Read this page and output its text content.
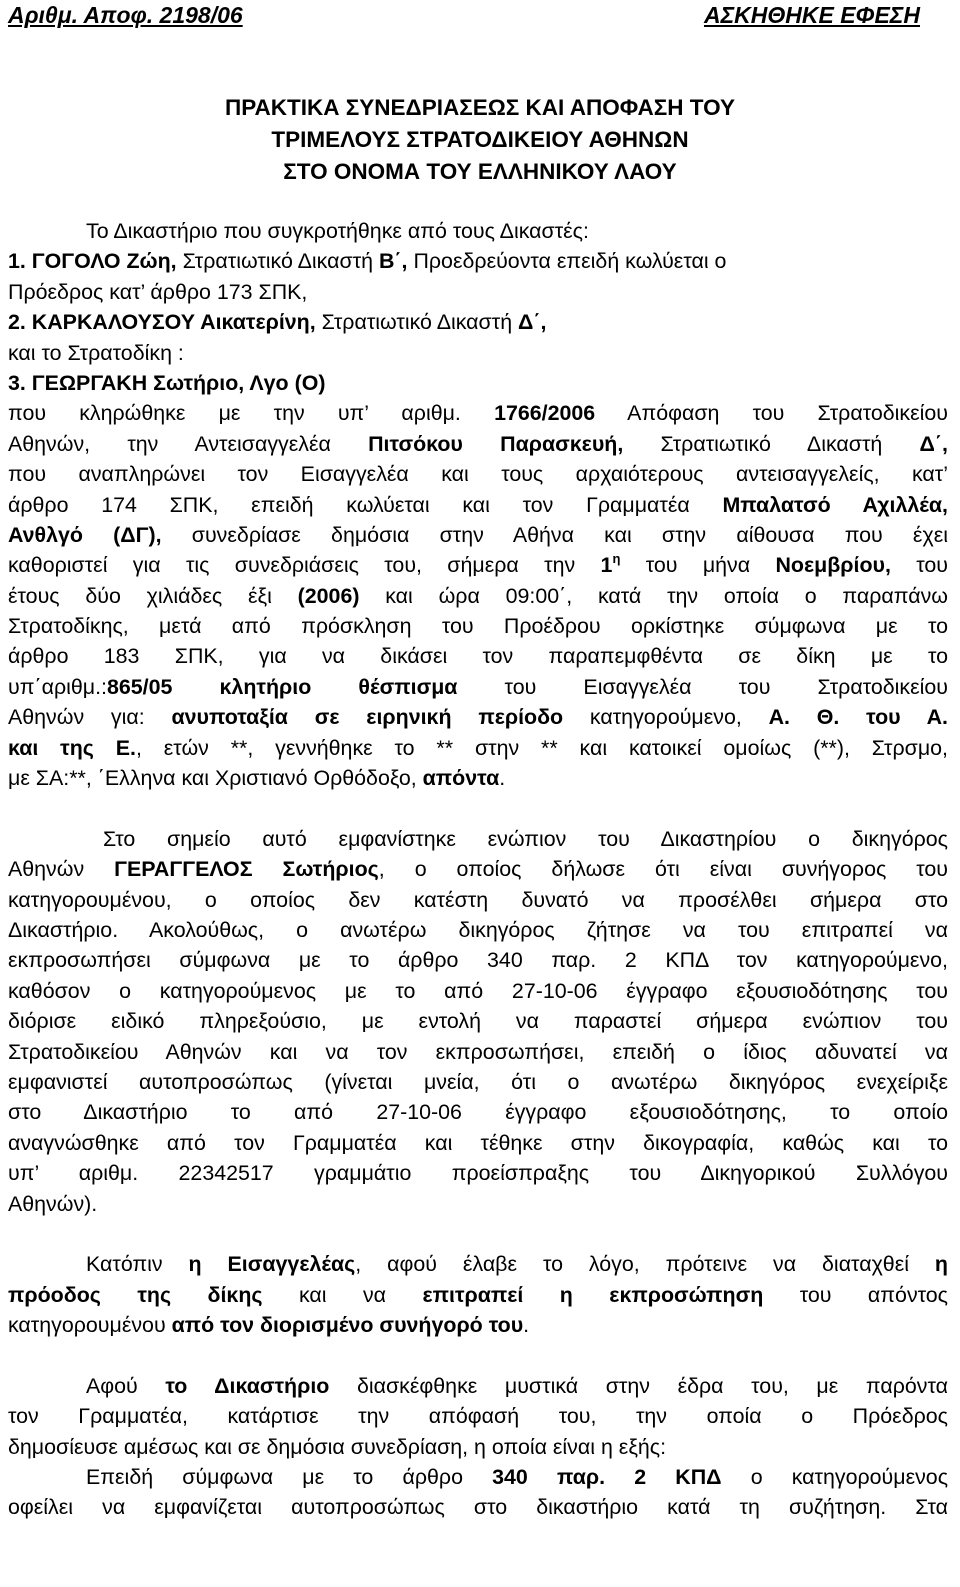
Αριθμ. Αποφ. 2198/06	ΑΣΚΗΘΗΚΕ ΕΦΕΣΗ
ΠΡΑΚΤΙΚΑ ΣΥΝΕΔΡΙΑΣΕΩΣ ΚΑΙ ΑΠΟΦΑΣΗ ΤΟΥ
ΤΡΙΜΕΛΟΥΣ ΣΤΡΑΤΟΔΙΚΕΙΟΥ ΑΘΗΝΩΝ
ΣΤΟ ΟΝΟΜΑ ΤΟΥ ΕΛΛΗΝΙΚΟΥ ΛΑΟΥ
Το Δικαστήριο που συγκροτήθηκε από τους Δικαστές:
1. ΓΟΓΟΛΟ Ζώη, Στρατιωτικό Δικαστή Β΄, Προεδρεύοντα επειδή κωλύεται ο
Πρόεδρος κατ’ άρθρο 173 ΣΠΚ,
2. ΚΑΡΚΑΛΟΥΣΟΥ Αικατερίνη, Στρατιωτικό Δικαστή Δ΄,
και το Στρατοδίκη :
3. ΓΕΩΡΓΑΚΗ Σωτήριο, Λγο (Ο)
που κληρώθηκε με την υπ’ αριθμ. 1766/2006 Απόφαση του Στρατοδικείου
Αθηνών, την Αντεισαγγελέα Πιτσόκου Παρασκευή, Στρατιωτικό Δικαστή Δ΄,
που αναπληρώνει τον Εισαγγελέα και τους αρχαιότερους αντεισαγγελείς, κατ’
άρθρο 174 ΣΠΚ, επειδή κωλύεται και τον Γραμματέα Μπαλατσό Αχιλλέα,
Ανθλγό (ΔΓ), συνεδρίασε δημόσια στην Αθήνα και στην αίθουσα που έχει
καθοριστεί για τις συνεδριάσεις του, σήμερα την $1^\eta$ του μήνα Νοεμβρίου, του
έτους δύο χιλιάδες έξι (2006) και ώρα 09:00΄, κατά την οποία ο παραπάνω
Στρατοδίκης, μετά από πρόσκληση του Προέδρου ορκίστηκε σύμφωνα με το
άρθρο 183 ΣΠΚ, για να δικάσει τον παραπεμφθέντα σε δίκη με το
υπ΄αριθμ.:865/05 κλητήριο θέσπισμα του Εισαγγελέα του Στρατοδικείου
Αθηνών για: ανυποταξία σε ειρηνική περίοδο κατηγορούμενο, Α. Θ. του Α.
και της Ε., ετών **, γεννήθηκε το ** στην ** και κατοικεί ομοίως (**), Στρσμο,
με ΣΑ:**, ΄Ελληνα και Χριστιανό Ορθόδοξο, απόντα.
Στο σημείο αυτό εμφανίστηκε ενώπιον του Δικαστηρίου ο δικηγόρος
Αθηνών ΓΕΡΑΓΓΕΛΟΣ Σωτήριος, ο οποίος δήλωσε ότι είναι συνήγορος του
κατηγορουμένου, ο οποίος δεν κατέστη δυνατό να προσέλθει σήμερα στο
Δικαστήριο. Ακολούθως, ο ανωτέρω δικηγόρος ζήτησε να του επιτραπεί να
εκπροσωπήσει σύμφωνα με το άρθρο 340 παρ. 2 ΚΠΔ τον κατηγορούμενο,
καθόσον ο κατηγορούμενος με το από 27-10-06 έγγραφο εξουσιοδότησης του
διόρισε ειδικό πληρεξούσιο, με εντολή να παραστεί σήμερα ενώπιον του
Στρατοδικείου Αθηνών και να τον εκπροσωπήσει, επειδή ο ίδιος αδυνατεί να
εμφανιστεί αυτοπροσώπως (γίνεται μνεία, ότι ο ανωτέρω δικηγόρος ενεχείριξε
στο Δικαστήριο το από 27-10-06 έγγραφο εξουσιοδότησης, το οποίο
αναγνώσθηκε από τον Γραμματέα και τέθηκε στην δικογραφία, καθώς και το
υπ’ αριθμ. 22342517 γραμμάτιο προείσπραξης του Δικηγορικού Συλλόγου
Αθηνών).
Κατόπιν η Εισαγγελέας, αφού έλαβε το λόγο, πρότεινε να διαταχθεί η
πρόοδος της δίκης και να επιτραπεί η εκπροσώπηση του απόντος
κατηγορουμένου από τον διορισμένο συνήγορό του.
Αφού το Δικαστήριο διασκέφθηκε μυστικά στην έδρα του, με παρόντα
τον Γραμματέα, κατάρτισε την απόφασή του, την οποία ο Πρόεδρος
δημοσίευσε αμέσως και σε δημόσια συνεδρίαση, η οποία είναι η εξής:
Επειδή σύμφωνα με το άρθρο 340 παρ. 2 ΚΠΔ ο κατηγορούμενος
οφείλει να εμφανίζεται αυτοπροσώπως στο δικαστήριο κατά τη συζήτηση. Στα
